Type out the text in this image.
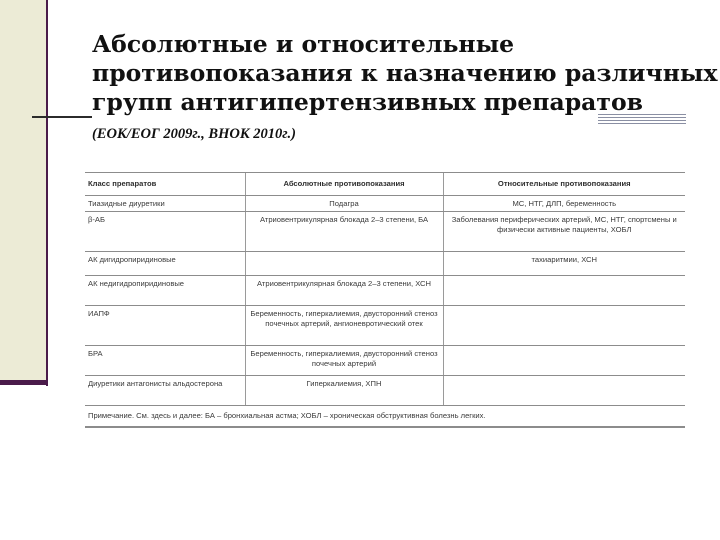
Абсолютные и относительные
противопоказания к назначению различных
групп антигипертензивных препаратов
(ЕОК/ЕОГ 2009г., ВНОК 2010г.)
Класс препаратов	Абсолютные противопоказания	Относительные противопоказания
Тиазидные диуретики	Подагра	МС, НТГ, ДЛП, беременность
β-АБ	Атриовентрикулярная блокада 2–3 степени, БА	Заболевания периферических артерий, МС, НТГ, спортсмены и физически активные пациенты, ХОБЛ
АК дигидропиридиновые		тахиаритмии, ХСН
АК недигидропиридиновые	Атриовентрикулярная блокада 2–3 степени, ХСН	
ИАПФ	Беременность, гиперкалиемия, двусторонний стеноз почечных артерий, ангионевротический отек	
БРА	Беременность, гиперкалиемия, двусторонний стеноз почечных артерий	
Диуретики антагонисты альдостерона	Гиперкалиемия, ХПН	
Примечание. См. здесь и далее: БА – бронхиальная астма; ХОБЛ – хроническая обструктивная болезнь легких.		
